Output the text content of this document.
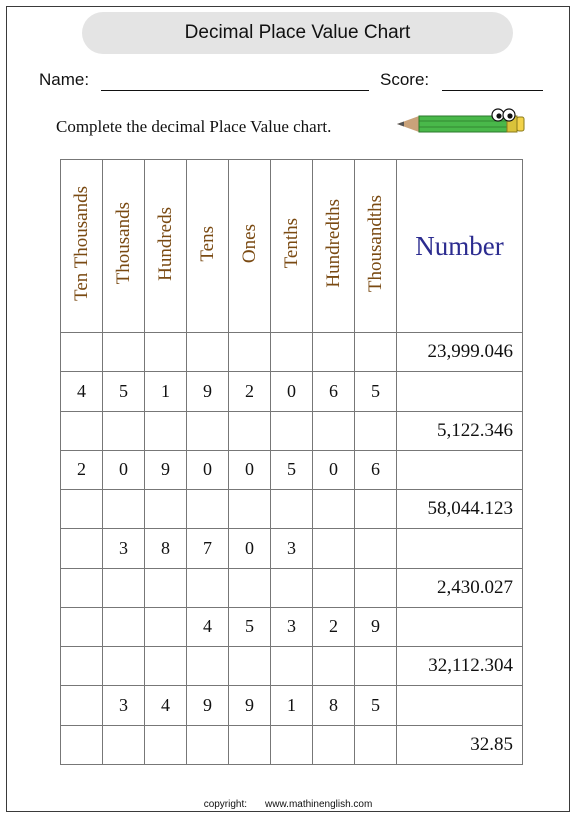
Decimal Place Value Chart
Name:	Score:
Complete the decimal Place Value chart.
Ten Thousands	Thousands	Hundreds	Tens	Ones	Tenths	Hundredths	Thousandths	Number
								23,999.046
4	5	1	9	2	0	6	5	
								5,122.346
2	0	9	0	0	5	0	6	
								58,044.123
	3	8	7	0	3			
								2,430.027
			4	5	3	2	9	
								32,112.304
	3	4	9	9	1	8	5	
								32.85
copyright: www.mathinenglish.com
